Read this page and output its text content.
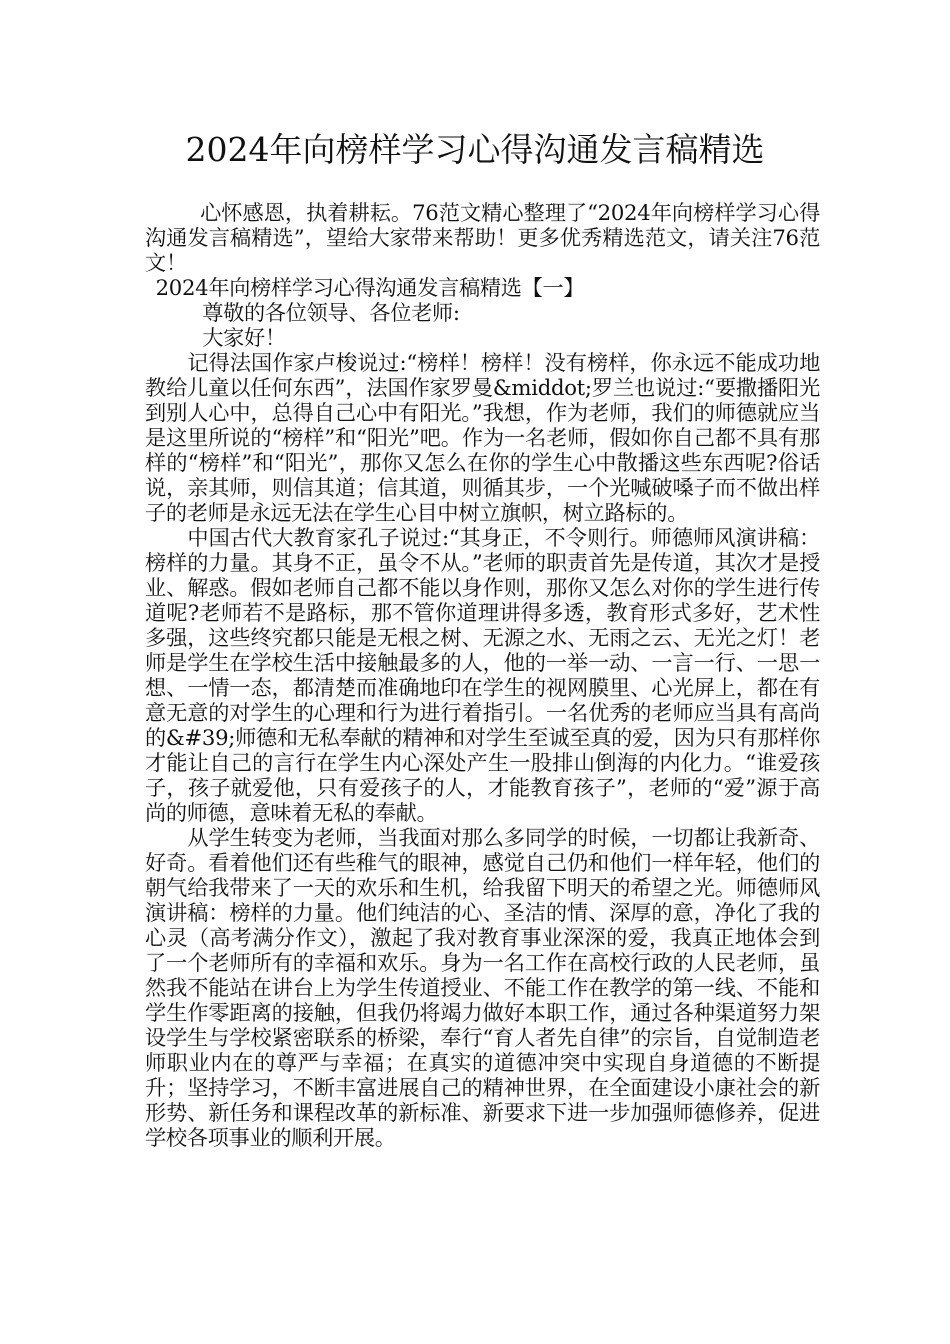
2024年向榜样学习心得沟通发言稿精选

心怀感恩，执着耕耘。76范文精心整理了“2024年向榜样学习心得沟通发言稿精选”，望给大家带来帮助！更多优秀精选范文，请关注76范文！

2024年向榜样学习心得沟通发言稿精选【一】

尊敬的各位领导、各位老师:

大家好！

记得法国作家卢梭说过:“榜样！榜样！没有榜样，你永远不能成功地教给儿童以任何东西”，法国作家罗曼&middot;罗兰也说过:“要撒播阳光到别人心中，总得自己心中有阳光。”我想，作为老师，我们的师德就应当是这里所说的“榜样”和“阳光”吧。作为一名老师，假如你自己都不具有那样的“榜样”和“阳光”，那你又怎么在你的学生心中散播这些东西呢?俗话说，亲其师，则信其道；信其道，则循其步，一个光喊破嗓子而不做出样子的老师是永远无法在学生心目中树立旗帜，树立路标的。

中国古代大教育家孔子说过:“其身正，不令则行。师德师风演讲稿：榜样的力量。其身不正，虽令不从。”老师的职责首先是传道，其次才是授业、解惑。假如老师自己都不能以身作则，那你又怎么对你的学生进行传道呢?老师若不是路标，那不管你道理讲得多透，教育形式多好，艺术性多强，这些终究都只能是无根之树、无源之水、无雨之云、无光之灯！老师是学生在学校生活中接触最多的人，他的一举一动、一言一行、一思一想、一情一态，都清楚而准确地印在学生的视网膜里、心光屏上，都在有意无意的对学生的心理和行为进行着指引。一名优秀的老师应当具有高尚的&#39;师德和无私奉献的精神和对学生至诚至真的爱，因为只有那样你才能让自己的言行在学生内心深处产生一股排山倒海的内化力。“谁爱孩子，孩子就爱他，只有爱孩子的人，才能教育孩子”，老师的“爱”源于高尚的师德，意味着无私的奉献。

从学生转变为老师，当我面对那么多同学的时候，一切都让我新奇、好奇。看着他们还有些稚气的眼神，感觉自己仍和他们一样年轻，他们的朝气给我带来了一天的欢乐和生机，给我留下明天的希望之光。师德师风演讲稿：榜样的力量。他们纯洁的心、圣洁的情、深厚的意，净化了我的心灵（高考满分作文），激起了我对教育事业深深的爱，我真正地体会到了一个老师所有的幸福和欢乐。身为一名工作在高校行政的人民老师，虽然我不能站在讲台上为学生传道授业、不能工作在教学的第一线、不能和学生作零距离的接触，但我仍将竭力做好本职工作，通过各种渠道努力架设学生与学校紧密联系的桥梁，奉行“育人者先自律”的宗旨，自觉制造老师职业内在的尊严与幸福；在真实的道德冲突中实现自身道德的不断提升；坚持学习，不断丰富进展自己的精神世界，在全面建设小康社会的新形势、新任务和课程改革的新标准、新要求下进一步加强师德修养，促进学校各项事业的顺利开展。
